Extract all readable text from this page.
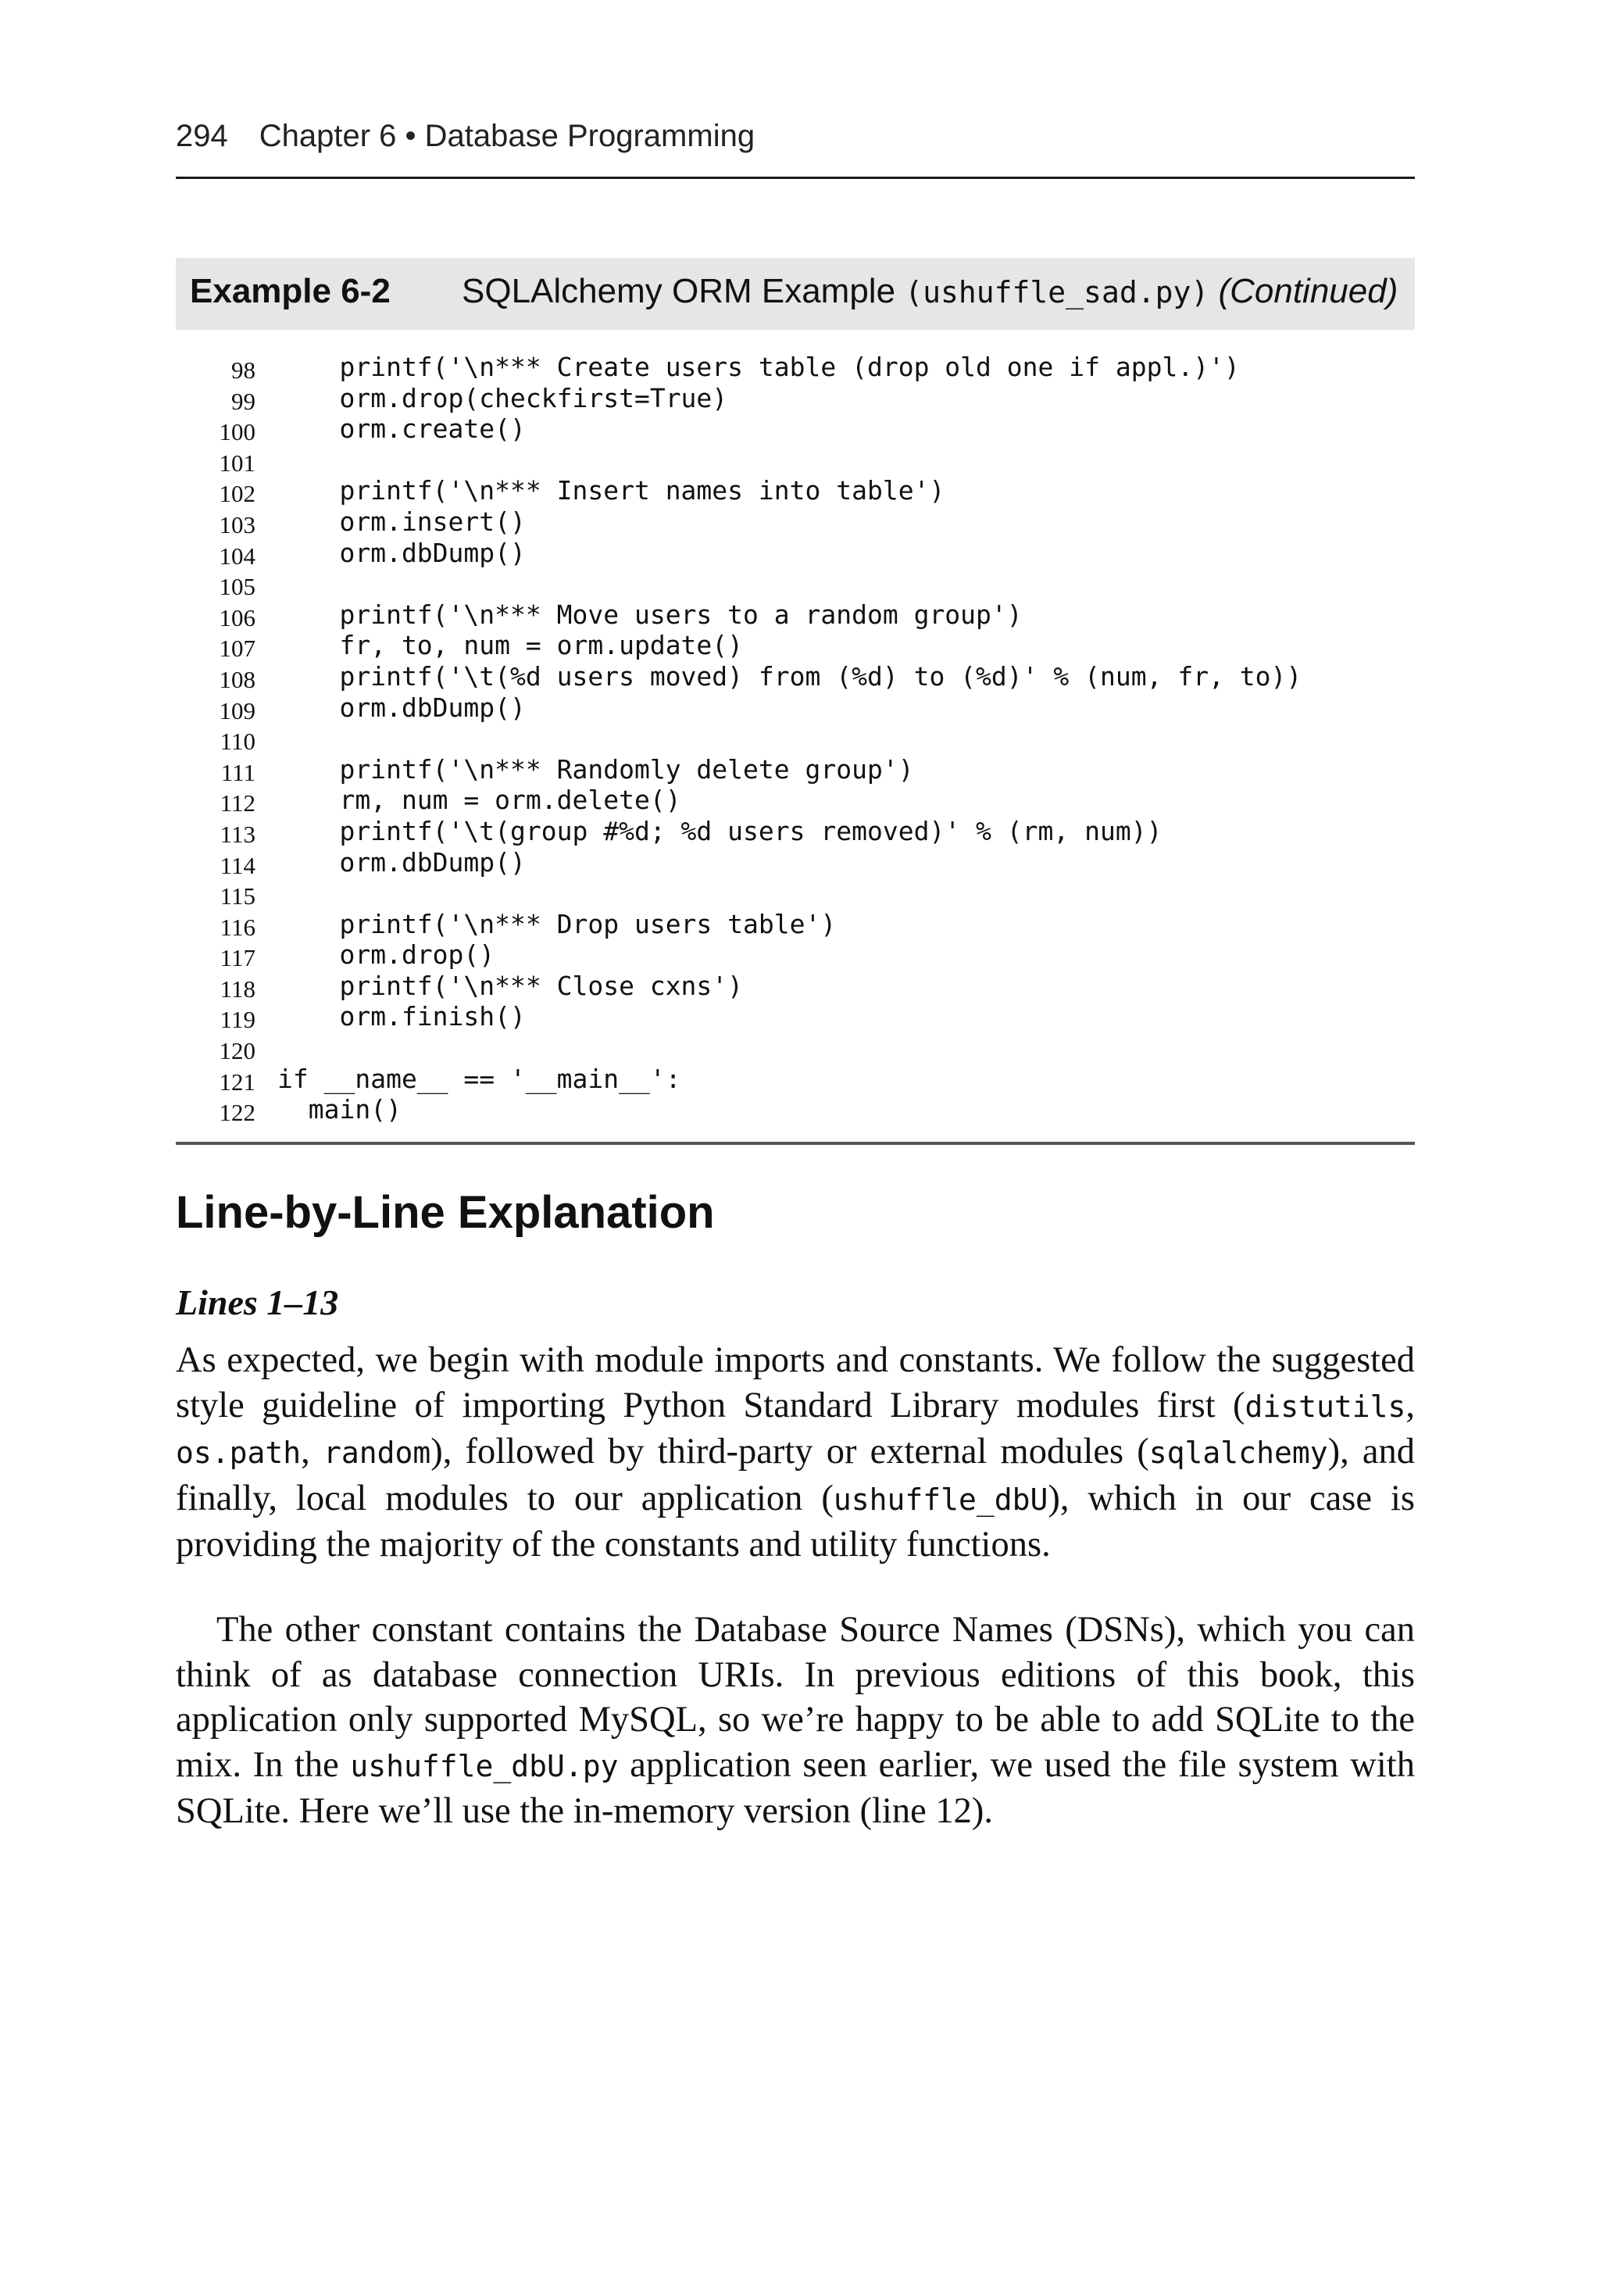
294 Chapter 6 • Database Programming
Example 6-2 SQLAlchemy ORM Example (ushuffle_sad.py) (Continued)
98 printf('\n*** Create users table (drop old one if appl.)')
99 orm.drop(checkfirst=True)
100 orm.create()
101
102 printf('\n*** Insert names into table')
103 orm.insert()
104 orm.dbDump()
105
106 printf('\n*** Move users to a random group')
107 fr, to, num = orm.update()
108 printf('\t(%d users moved) from (%d) to (%d)' % (num, fr, to))
109 orm.dbDump()
110
111 printf('\n*** Randomly delete group')
112 rm, num = orm.delete()
113 printf('\t(group #%d; %d users removed)' % (rm, num))
114 orm.dbDump()
115
116 printf('\n*** Drop users table')
117 orm.drop()
118 printf('\n*** Close cxns')
119 orm.finish()
120
121 if __name__ == '__main__':
122 main()
Line-by-Line Explanation
Lines 1–13
As expected, we begin with module imports and constants. We follow the suggested style guideline of importing Python Standard Library modules first (distutils, os.path, random), followed by third-party or external modules (sqlalchemy), and finally, local modules to our application (ushuffle_dbU), which in our case is providing the majority of the constants and utility functions.
The other constant contains the Database Source Names (DSNs), which you can think of as database connection URIs. In previous editions of this book, this application only supported MySQL, so we’re happy to be able to add SQLite to the mix. In the ushuffle_dbU.py application seen earlier, we used the file system with SQLite. Here we’ll use the in-memory version (line 12).
